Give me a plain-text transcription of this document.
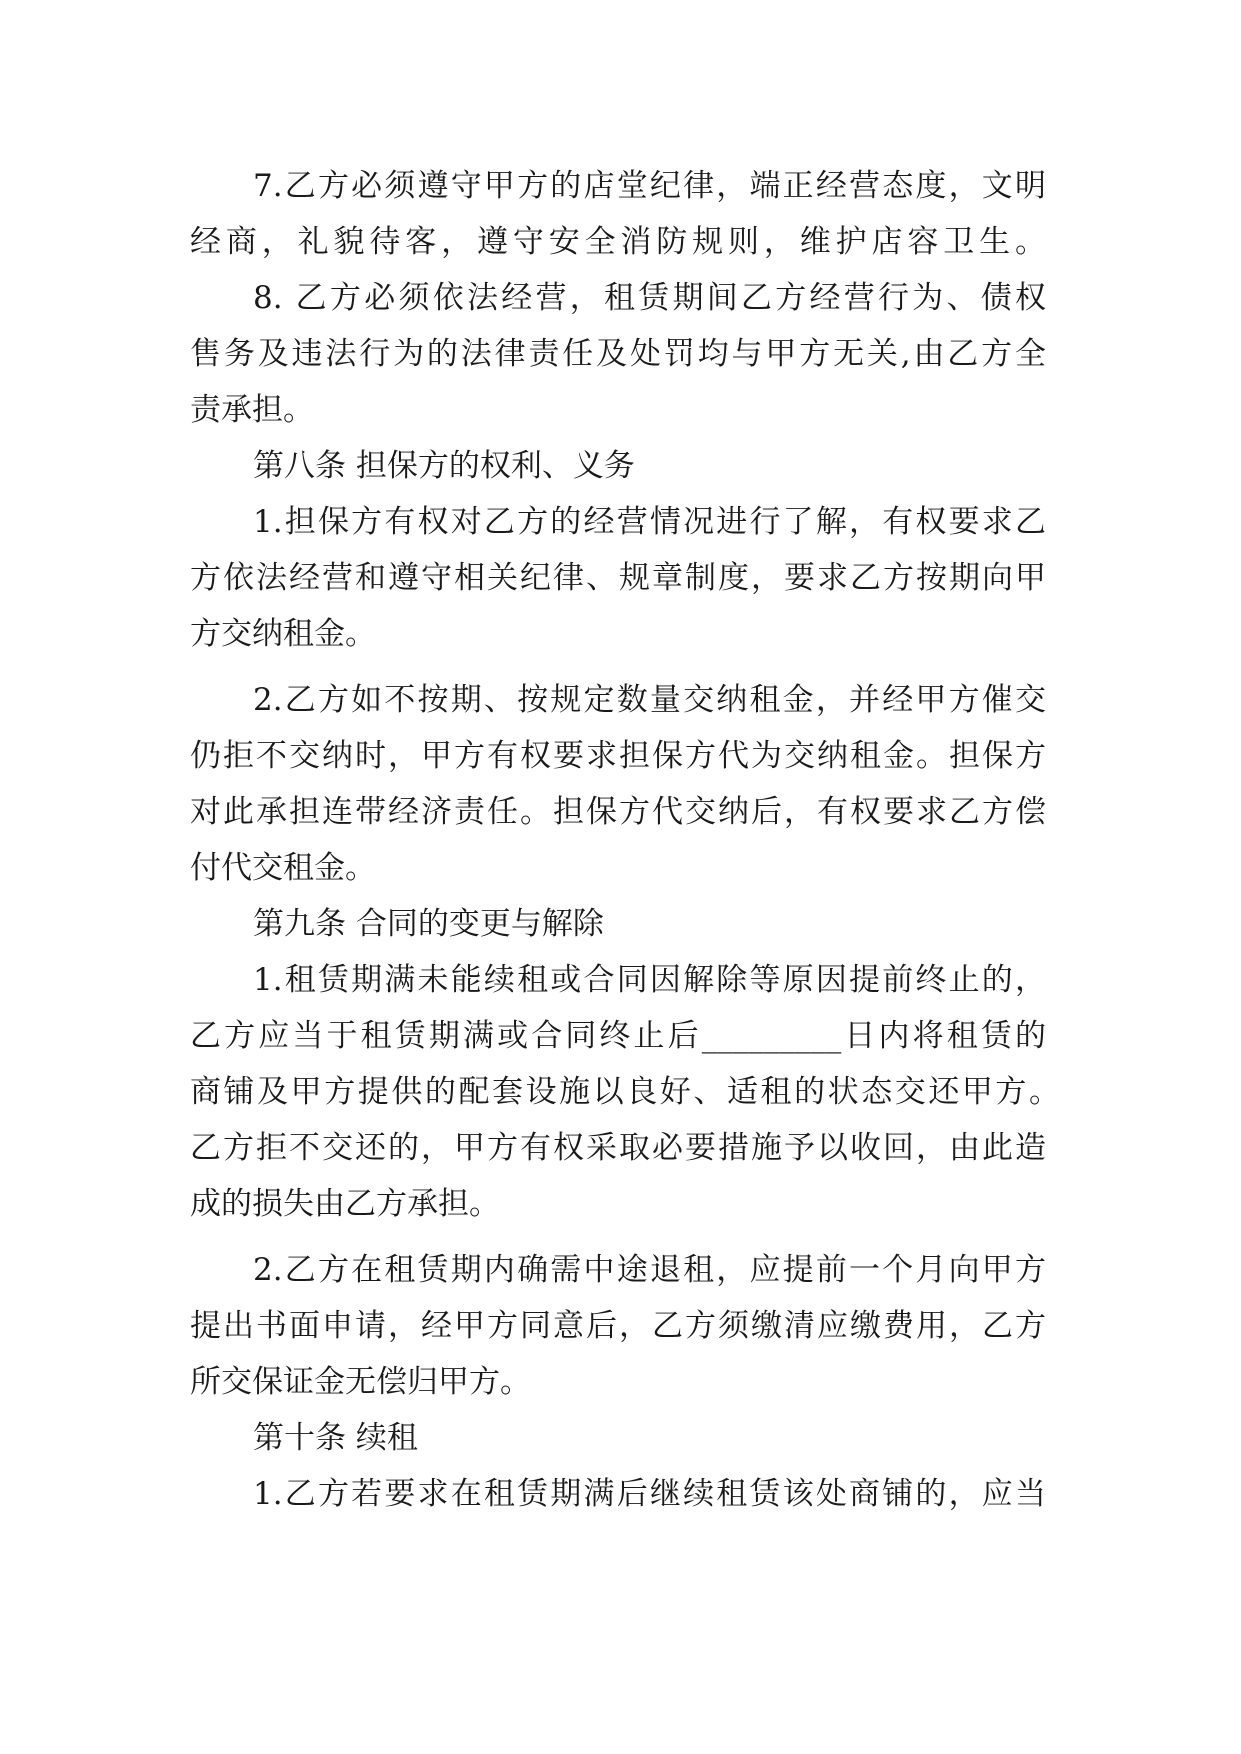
7.乙方必须遵守甲方的店堂纪律，端正经营态度，文明
经商，礼貌待客，遵守安全消防规则，维护店容卫生。
8. 乙方必须依法经营，租赁期间乙方经营行为、债权
售务及违法行为的法律责任及处罚均与甲方无关,由乙方全
责承担。
第八条 担保方的权利、义务
1.担保方有权对乙方的经营情况进行了解，有权要求乙
方依法经营和遵守相关纪律、规章制度，要求乙方按期向甲
方交纳租金。
2.乙方如不按期、按规定数量交纳租金，并经甲方催交
仍拒不交纳时，甲方有权要求担保方代为交纳租金。担保方
对此承担连带经济责任。担保方代交纳后，有权要求乙方偿
付代交租金。
第九条 合同的变更与解除
1.租赁期满未能续租或合同因解除等原因提前终止的，
乙方应当于租赁期满或合同终止后_________日内将租赁的
商铺及甲方提供的配套设施以良好、适租的状态交还甲方。
乙方拒不交还的，甲方有权采取必要措施予以收回，由此造
成的损失由乙方承担。
2.乙方在租赁期内确需中途退租，应提前一个月向甲方
提出书面申请，经甲方同意后，乙方须缴清应缴费用，乙方
所交保证金无偿归甲方。
第十条 续租
1.乙方若要求在租赁期满后继续租赁该处商铺的，应当
